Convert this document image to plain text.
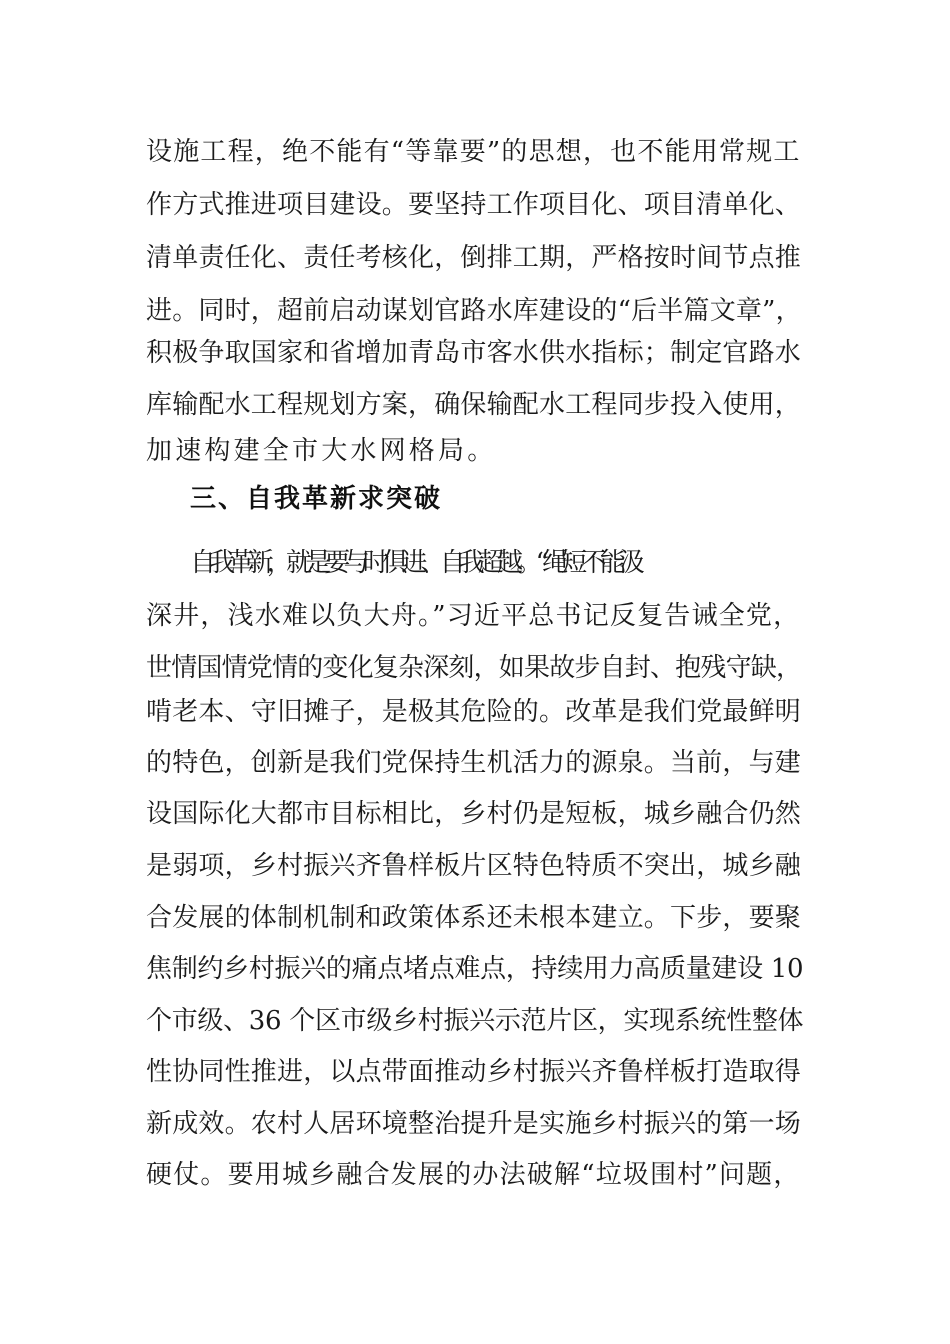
设施工程，绝不能有“等靠要”的思想，也不能用常规工
作方式推进项目建设。要坚持工作项目化、项目清单化、
清单责任化、责任考核化，倒排工期，严格按时间节点推
进。同时，超前启动谋划官路水库建设的“后半篇文章”，
积极争取国家和省增加青岛市客水供水指标；制定官路水
库输配水工程规划方案，确保输配水工程同步投入使用，
加速构建全市大水网格局。
三、自我革新求突破
自我革新，就是要与时俱进、自我超越。“绳短不能汲
深井，浅水难以负大舟。”习近平总书记反复告诫全党，
世情国情党情的变化复杂深刻，如果故步自封、抱残守缺，
啃老本、守旧摊子，是极其危险的。改革是我们党最鲜明
的特色，创新是我们党保持生机活力的源泉。当前，与建
设国际化大都市目标相比，乡村仍是短板，城乡融合仍然
是弱项，乡村振兴齐鲁样板片区特色特质不突出，城乡融
合发展的体制机制和政策体系还未根本建立。下步，要聚
焦制约乡村振兴的痛点堵点难点，持续用力高质量建设 10
个市级、36 个区市级乡村振兴示范片区，实现系统性整体
性协同性推进，以点带面推动乡村振兴齐鲁样板打造取得
新成效。农村人居环境整治提升是实施乡村振兴的第一场
硬仗。要用城乡融合发展的办法破解“垃圾围村”问题，
